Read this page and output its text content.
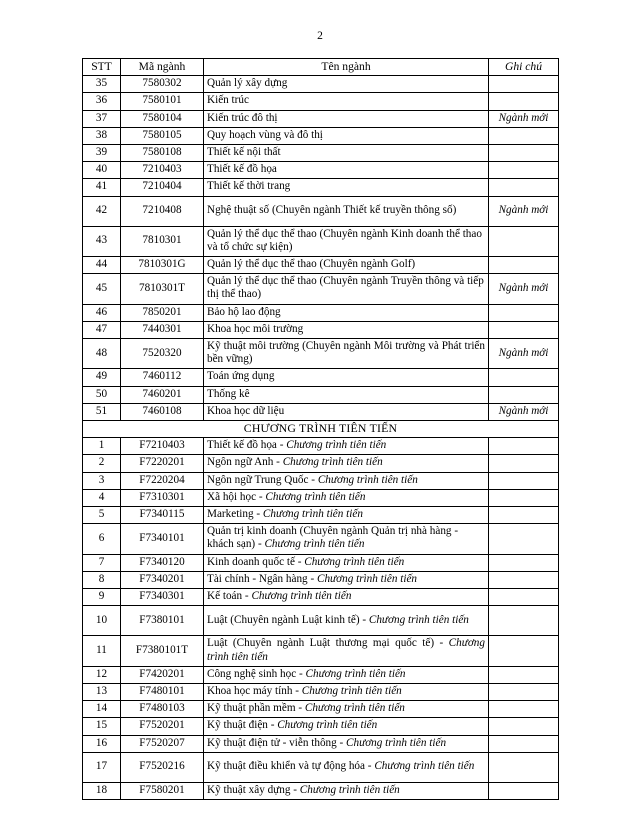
2
STT	Mã ngành	Tên ngành	Ghi chú
35	7580302	Quản lý xây dựng	
36	7580101	Kiến trúc	
37	7580104	Kiến trúc đô thị	Ngành mới
38	7580105	Quy hoạch vùng và đô thị	
39	7580108	Thiết kế nội thất	
40	7210403	Thiết kế đồ họa	
41	7210404	Thiết kế thời trang	
42	7210408	Nghệ thuật số (Chuyên ngành Thiết kế truyền thông số)	Ngành mới
43	7810301	Quản lý thể dục thể thao (Chuyên ngành Kinh doanh thể thao và tổ chức sự kiện)	
44	7810301G	Quản lý thể dục thể thao (Chuyên ngành Golf)	
45	7810301T	Quản lý thể dục thể thao (Chuyên ngành Truyền thông và tiếp thị thể thao)	Ngành mới
46	7850201	Bảo hộ lao động	
47	7440301	Khoa học môi trường	
48	7520320	Kỹ thuật môi trường (Chuyên ngành Môi trường và Phát triển bền vững)	Ngành mới
49	7460112	Toán ứng dụng	
50	7460201	Thống kê	
51	7460108	Khoa học dữ liệu	Ngành mới
CHƯƠNG TRÌNH TIÊN TIẾN			
1	F7210403	Thiết kế đồ họa - Chương trình tiên tiến	
2	F7220201	Ngôn ngữ Anh - Chương trình tiên tiến	
3	F7220204	Ngôn ngữ Trung Quốc - Chương trình tiên tiến	
4	F7310301	Xã hội học - Chương trình tiên tiến	
5	F7340115	Marketing - Chương trình tiên tiến	
6	F7340101	Quản trị kinh doanh (Chuyên ngành Quản trị nhà hàng - khách sạn) - Chương trình tiên tiến	
7	F7340120	Kinh doanh quốc tế - Chương trình tiên tiến	
8	F7340201	Tài chính - Ngân hàng - Chương trình tiên tiến	
9	F7340301	Kế toán - Chương trình tiên tiến	
10	F7380101	Luật (Chuyên ngành Luật kinh tế) - Chương trình tiên tiến	
11	F7380101T	Luật (Chuyên ngành Luật thương mại quốc tế) - Chương trình tiên tiến	
12	F7420201	Công nghệ sinh học - Chương trình tiên tiến	
13	F7480101	Khoa học máy tính - Chương trình tiên tiến	
14	F7480103	Kỹ thuật phần mềm - Chương trình tiên tiến	
15	F7520201	Kỹ thuật điện - Chương trình tiên tiến	
16	F7520207	Kỹ thuật điện tử - viễn thông - Chương trình tiên tiến	
17	F7520216	Kỹ thuật điều khiển và tự động hóa - Chương trình tiên tiến	
18	F7580201	Kỹ thuật xây dựng - Chương trình tiên tiến	
